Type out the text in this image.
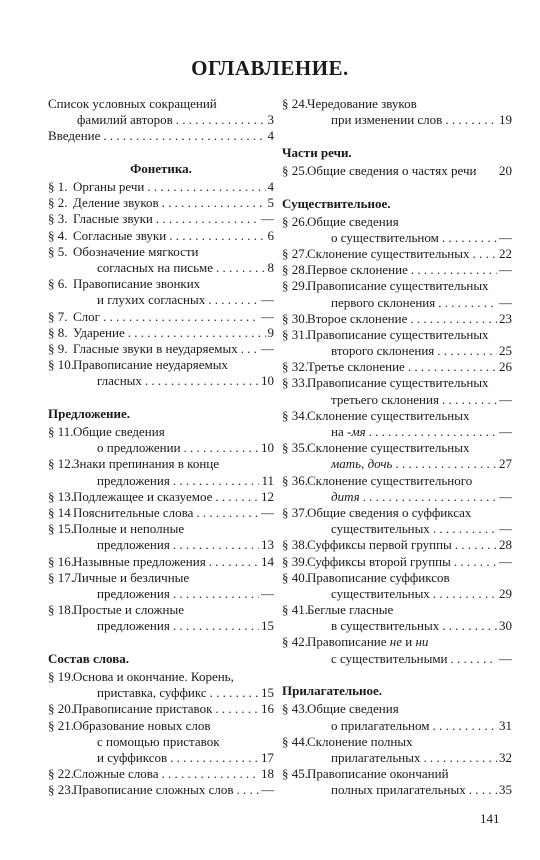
ОГЛАВЛЕНИЕ.
Список условных сокращений
фамилий авторов . . .	3
Введение . . .	4
Фонетика.
§ 1. Органы речи . . .	4
§ 2. Деление звуков . . .	5
§ 3. Гласные звуки . . .	—
§ 4. Согласные звуки . . .	6
§ 5. Обозначение мягкости
согласных на письме . . .	8
§ 6. Правописание звонких
и глухих согласных . . .	—
§ 7. Слог . . .	—
§ 8. Ударение . . .	9
§ 9. Гласные звуки в неударяемых . . . —
§ 10. Правописание неударяемых
гласных . . .	10
Предложение.
§ 11. Общие сведения
о предложении . . .	10
§ 12. Знаки препинания в конце
предложения . . .	11
§ 13. Подлежащее и сказуемое . . .	12
§ 14 Пояснительные слова . . .	—
§ 15. Полные и неполные
предложения . . .	13
§ 16. Назывные предложения . . .	14
§ 17. Личные и безличные
предложения . . .	—
§ 18. Простые и сложные
предложения . . .	15
Состав слова.
§ 19. Основа и окончание. Корень,
приставка, суффикс . . .	15
§ 20. Правописание приставок . . .	16
§ 21. Образование новых слов
с помощью приставок
и суффиксов . . .	17
§ 22. Сложные слова . . .	18
§ 23. Правописание сложных слов . . . —
§ 24. Чередование звуков
при изменении слов . . .	19
Части речи.
§ 25. Общие сведения о частях речи 20
Существительное.
§ 26. Общие сведения
о существительном . . .	—
§ 27. Склонение существительных . . . 22
§ 28. Первое склонение . . .	—
§ 29. Правописание существительных
первого склонения . . .	—
§ 30. Второе склонение . . .	23
§ 31. Правописание существительных
второго склонения . . .	25
§ 32. Третье склонение . . .	26
§ 33. Правописание существительных
третьего склонения . . .	—
§ 34. Склонение существительных
на -мя . . .	—
§ 35. Склонение существительных
мать, дочь . . .	27
§ 36. Склонение существительного
дитя . . .	—
§ 37. Общие сведения о суффиксах
существительных . . .	—
§ 38. Суффиксы первой группы . . .	28
§ 39. Суффиксы второй группы . . .	—
§ 40. Правописание суффиксов
существительных . . .	29
§ 41. Беглые гласные
в существительных . . .	30
§ 42. Правописание не и ни
с существительными . . .	—
Прилагательное.
§ 43. Общие сведения
о прилагательном . . .	31
§ 44. Склонение полных
прилагательных . . .	32
§ 45. Правописание окончаний
полных прилагательных . . .	35
141
